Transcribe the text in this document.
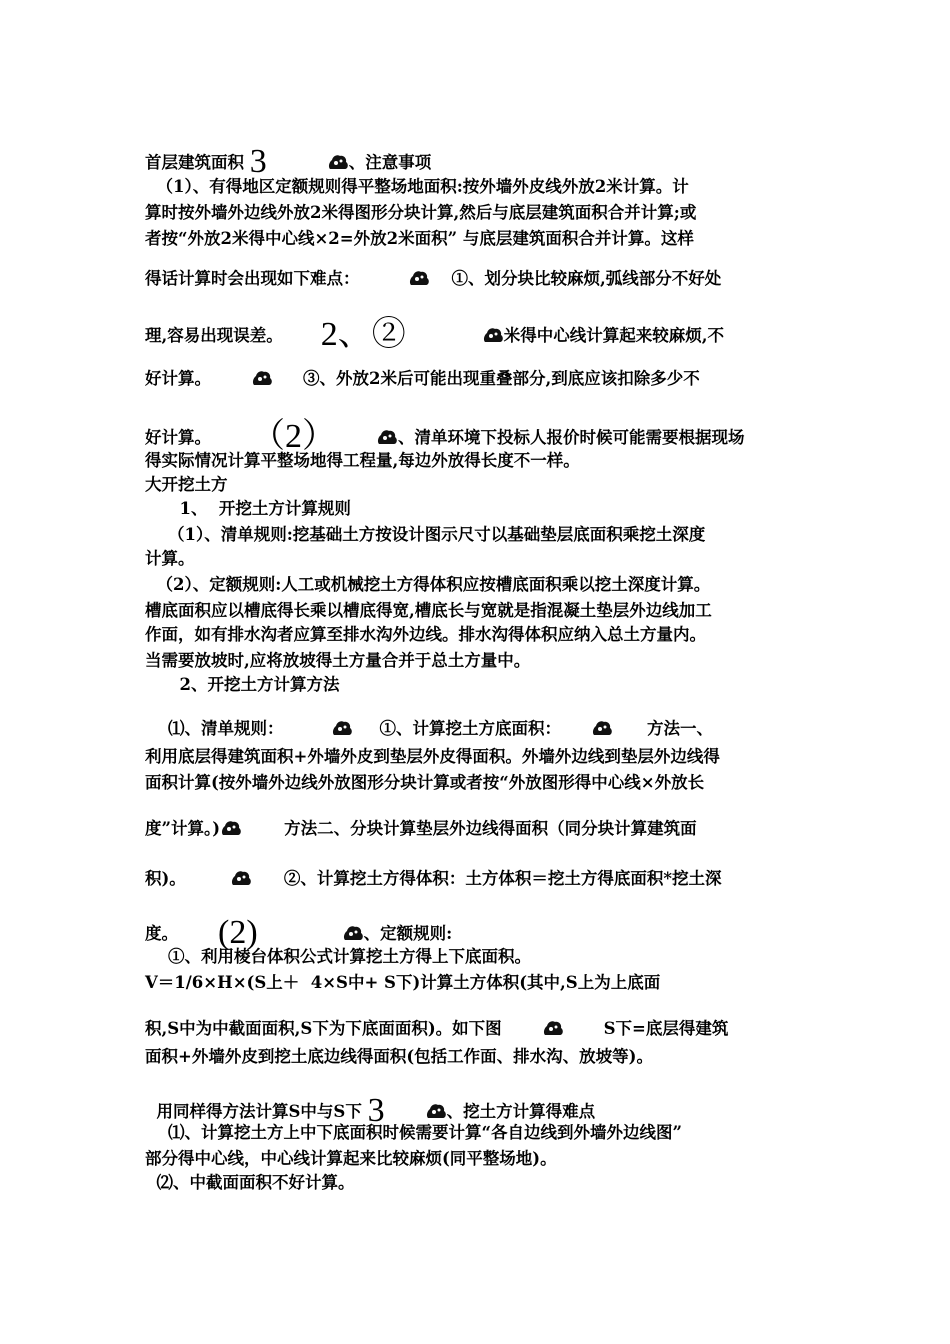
首层建筑面积 3	、注意事项
（1）、有得地区定额规则得平整场地面积:按外墙外皮线外放2米计算。计
算时按外墙外边线外放2米得图形分块计算,然后与底层建筑面积合并计算;或
者按“外放2米得中心线×2=外放2米面积” 与底层建筑面积合并计算。这样
得话计算时会出现如下难点：	①、划分块比较麻烦,弧线部分不好处
理,容易出现误差。 2、②	米得中心线计算起来较麻烦,不
好计算。	③、外放2米后可能出现重叠部分,到底应该扣除多少不
好计算。 （2）	、清单环境下投标人报价时候可能需要根据现场
得实际情况计算平整场地得工程量,每边外放得长度不一样。
大开挖土方
1、  开挖土方计算规则
（1）、清单规则:挖基础土方按设计图示尺寸以基础垫层底面积乘挖土深度
计算。
（2）、定额规则:人工或机械挖土方得体积应按槽底面积乘以挖土深度计算。
槽底面积应以槽底得长乘以槽底得宽,槽底长与宽就是指混凝土垫层外边线加工
作面，如有排水沟者应算至排水沟外边线。排水沟得体积应纳入总土方量内。
当需要放坡时,应将放坡得土方量合并于总土方量中。
2、开挖土方计算方法
⑴、清单规则：	①、计算挖土方底面积：	方法一、
利用底层得建筑面积+外墙外皮到垫层外皮得面积。外墙外边线到垫层外边线得
面积计算(按外墙外边线外放图形分块计算或者按“外放图形得中心线×外放长
度”计算。)	方法二、分块计算垫层外边线得面积（同分块计算建筑面
积)。	②、计算挖土方得体积：土方体积＝挖土方得底面积*挖土深
度。 (2)	、定额规则:
①、利用棱台体积公式计算挖土方得上下底面积。
V＝1/6×H×(S上＋  4×S中+ S下)计算土方体积(其中,S上为上底面
积,S中为中截面面积,S下为下底面面积)。如下图	S下=底层得建筑
面积+外墙外皮到挖土底边线得面积(包括工作面、排水沟、放坡等)。
用同样得方法计算S中与S下 3	、挖土方计算得难点
⑴、计算挖土方上中下底面积时候需要计算“各自边线到外墙外边线图”
部分得中心线，中心线计算起来比较麻烦(同平整场地)。
⑵、中截面面积不好计算。
